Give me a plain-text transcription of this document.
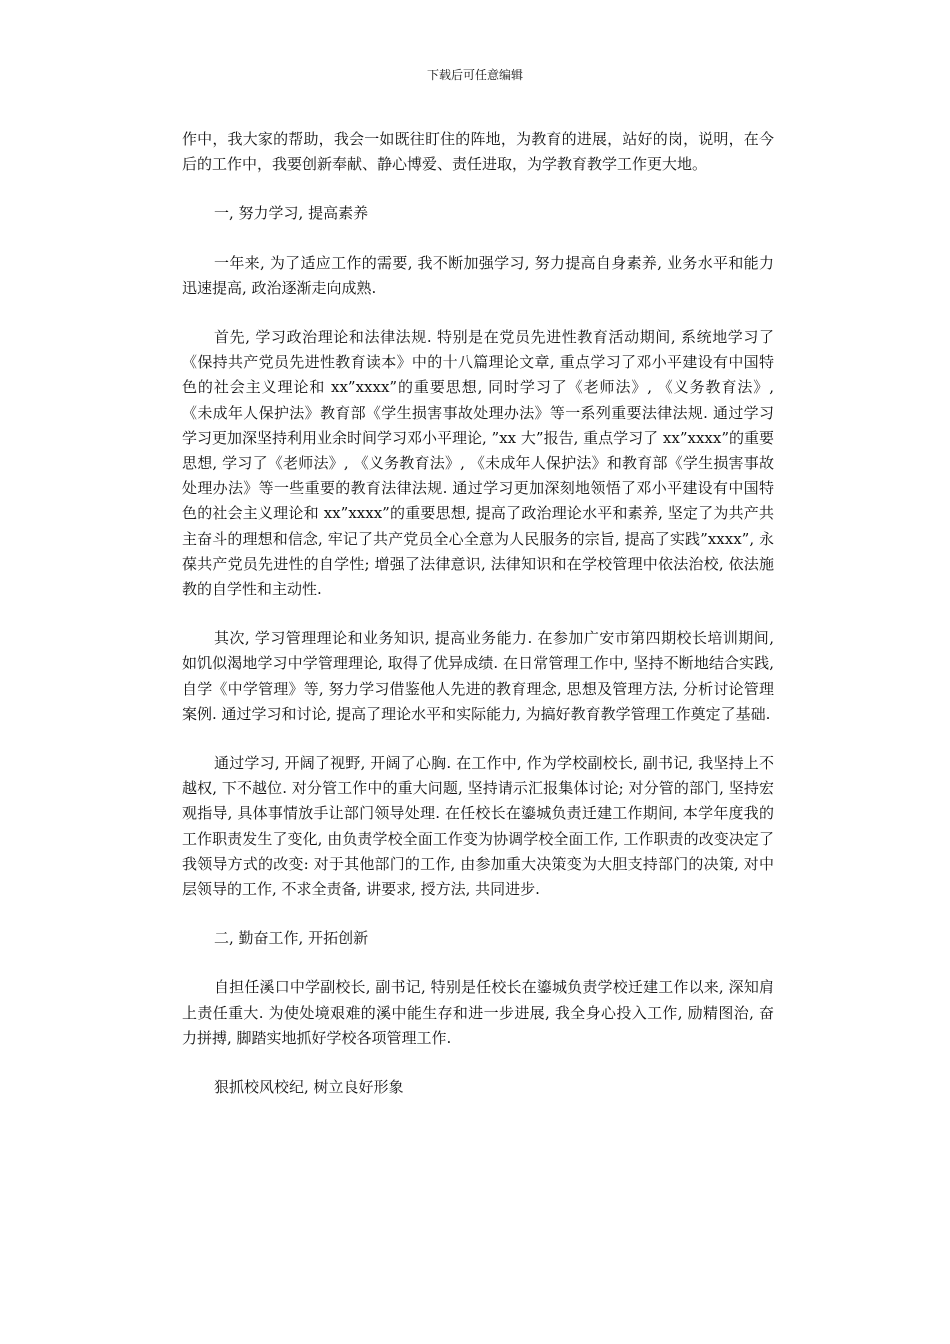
下载后可任意编辑

作中，我大家的帮助，我会一如既往盯住的阵地，为教育的进展，站好的岗，说明，在今后的工作中，我要创新奉献、静心博爱、责任进取，为学教育教学工作更大地。

一, 努力学习, 提高素养

一年来, 为了适应工作的需要, 我不断加强学习, 努力提高自身素养, 业务水平和能力迅速提高, 政治逐渐走向成熟.

首先, 学习政治理论和法律法规. 特别是在党员先进性教育活动期间, 系统地学习了《保持共产党员先进性教育读本》中的十八篇理论文章, 重点学习了邓小平建设有中国特色的社会主义理论和 xx”xxxx”的重要思想, 同时学习了《老师法》, 《义务教育法》, 《未成年人保护法》教育部《学生损害事故处理办法》等一系列重要法律法规. 通过学习学习更加深坚持利用业余时间学习邓小平理论, ”xx 大”报告, 重点学习了 xx”xxxx”的重要思想, 学习了《老师法》, 《义务教育法》, 《未成年人保护法》和教育部《学生损害事故处理办法》等一些重要的教育法律法规. 通过学习更加深刻地领悟了邓小平建设有中国特色的社会主义理论和 xx”xxxx”的重要思想, 提高了政治理论水平和素养, 坚定了为共产共主奋斗的理想和信念, 牢记了共产党员全心全意为人民服务的宗旨, 提高了实践”xxxx”, 永葆共产党员先进性的自学性; 增强了法律意识, 法律知识和在学校管理中依法治校, 依法施教的自学性和主动性.

其次, 学习管理理论和业务知识, 提高业务能力. 在参加广安市第四期校长培训期间, 如饥似渴地学习中学管理理论, 取得了优异成绩. 在日常管理工作中, 坚持不断地结合实践, 自学《中学管理》等, 努力学习借鉴他人先进的教育理念, 思想及管理方法, 分析讨论管理案例. 通过学习和讨论, 提高了理论水平和实际能力, 为搞好教育教学管理工作奠定了基础.

通过学习, 开阔了视野, 开阔了心胸. 在工作中, 作为学校副校长, 副书记, 我坚持上不越权, 下不越位. 对分管工作中的重大问题, 坚持请示汇报集体讨论; 对分管的部门, 坚持宏观指导, 具体事情放手让部门领导处理. 在任校长在鎏城负责迁建工作期间, 本学年度我的工作职责发生了变化, 由负责学校全面工作变为协调学校全面工作, 工作职责的改变决定了我领导方式的改变: 对于其他部门的工作, 由参加重大决策变为大胆支持部门的决策, 对中层领导的工作, 不求全责备, 讲要求, 授方法, 共同进步.

二, 勤奋工作, 开拓创新

自担任溪口中学副校长, 副书记, 特别是任校长在鎏城负责学校迁建工作以来, 深知肩上责任重大. 为使处境艰难的溪中能生存和进一步进展, 我全身心投入工作, 励精图治, 奋力拼搏, 脚踏实地抓好学校各项管理工作.

狠抓校风校纪, 树立良好形象
